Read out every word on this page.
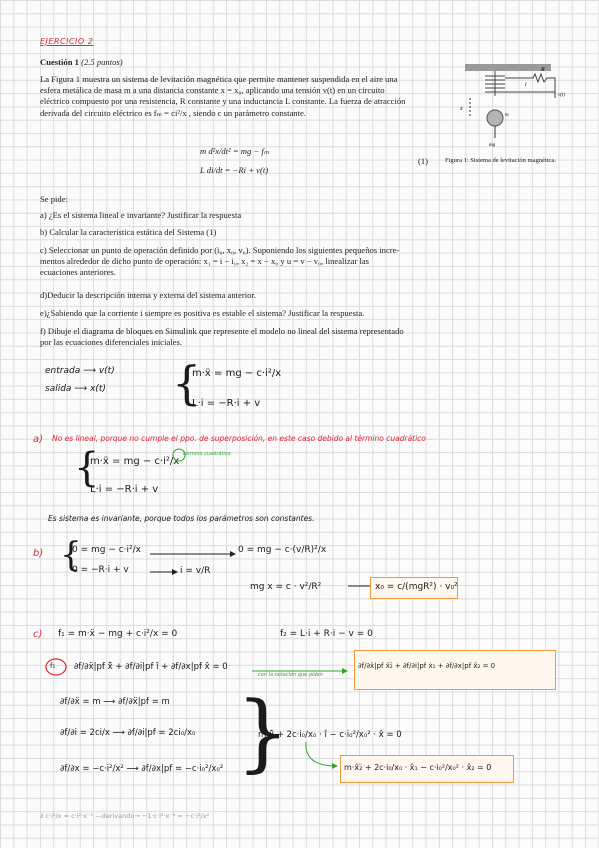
EJERCICIO 2
Cuestión 1 (2.5 puntos)
La Figura 1 muestra un sistema de levitación magnética que permite mantener suspendida en el aire una
esfera metálica de masa m a una distancia constante x = x₀, aplicando una tensión v(t) en un circuito
eléctrico compuesto por una resistencia, R constante y una inductancia L constante. La fuerza de atracción
derivada del circuito eléctrico es fₘ = ci²/x , siendo c un parámetro constante.
R
i
v(t)
x
m
mg
Figura 1: Sistema de levitación magnética.
m d²x/dt² = mg − fₘ
L di/dt = −Ri + v(t)
(1)
Se pide:
a) ¿Es el sistema lineal e invariante? Justificar la respuesta
b) Calcular la característica estática del Sistema (1)
c) Seleccionar un punto de operación definido por (i₀, x₀, v₀). Suponiendo los siguientes pequeños incre-
mentos alrededor de dicho punto de operación: x₁ = i − i₀, x₂ = x − x₀ y u = v − v₀, linealizar las
ecuaciones anteriores.
d)Deducir la descripción interna y externa del sistema anterior.
e)¿Sabiendo que la corriente i siempre es positiva es estable el sistema? Justificar la respuesta.
f) Dibuje el diagrama de bloques en Simulink que represente el modelo no lineal del sistema representado
por las ecuaciones diferenciales iniciales.
entrada ⟶ v(t)
salida ⟶ x(t) {
m·ẍ = mg − c·i²/x
L·i̇ = −R·i + v
a) No es lineal, porque no cumple el ppo. de superposición, en este caso debido al término cuadrático
{
m·ẍ = mg − c·i²/x
término cuadrático
L·i̇ = −R·i + v
Es sistema es invariante, porque todos los parámetros son constantes.
b) {
0 = mg − c·i²/x
0 = −R·i + v
0 = mg − c·(v/R)²/x
i = v/R
mg x = c · v²/R²	x₀ = c/(mgR²) · v₀²
c) f₁ = m·ẍ − mg + c·i²/x = 0	f₂ = L·i̇ + R·i − v = 0
f₁ ∂f/∂ẍ|pf x̂̈ + ∂f/∂i|pf î + ∂f/∂x|pf x̂ = 0
con la notación que piden
∂f/∂ẍ|pf x̂₂̈ + ∂f/∂i|pf ẋ₁ + ∂f/∂x|pf x̂₂ = 0
∂f/∂ẍ = m ⟶ ∂f/∂ẍ|pf = m
∂f/∂i = 2ci/x ⟶ ∂f/∂i|pf = 2ci₀/x₀
∂f/∂x = −c·i²/x² ⟶ ∂f/∂x|pf = −c·i₀²/x₀² {
m·x̂̈ + 2c·i₀/x₀ · î − c·i₀²/x₀² · x̂ = 0
m·x̂₂̈ + 2c·i₀/x₀ · x̂₁ − c·i₀²/x₀² · x̂₂ = 0
∂ c·i²/x = c·i²·x⁻¹ —derivando→ −1·c·i²·x⁻² = −c·i²/x²
